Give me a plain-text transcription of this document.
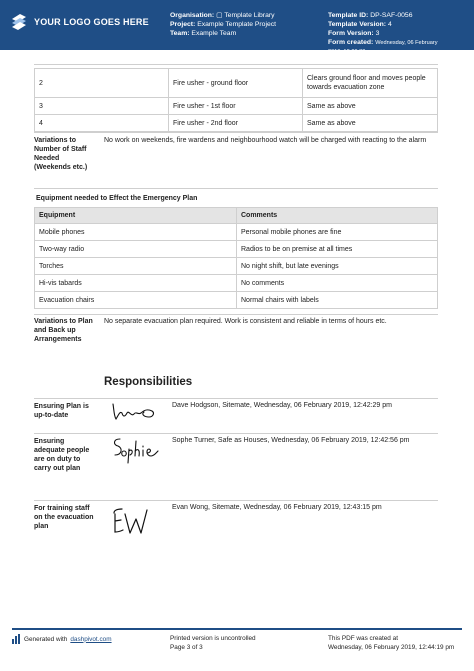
YOUR LOGO GOES HERE
Organisation: ▢ Template Library
Project: Example Template Project
Team: Example Team
Template ID: DP-SAF-0056
Template Version: 4
Form Version: 3
Form created: Wednesday, 06 February
2019, 12:09:30 pm
2	Fire usher - ground floor	Clears ground floor and moves people towards evacuation zone
3	Fire usher - 1st floor	Same as above
4	Fire usher - 2nd floor	Same as above
Variations to Number of Staff Needed (Weekends etc.)
No work on weekends, fire wardens and neighbourhood watch will be charged with reacting to the alarm
Equipment needed to Effect the Emergency Plan
Equipment	Comments
Mobile phones	Personal mobile phones are fine
Two-way radio	Radios to be on premise at all times
Torches	No night shift, but late evenings
Hi-vis tabards	No comments
Evacuation chairs	Normal chairs with labels
Variations to Plan and Back up Arrangements
No separate evacuation plan required. Work is consistent and reliable in terms of hours etc.
Responsibilities
Ensuring Plan is up-to-date
Dave Hodgson, Sitemate, Wednesday, 06 February 2019, 12:42:29 pm
Ensuring adequate people are on duty to carry out plan
Sophe Turner, Safe as Houses, Wednesday, 06 February 2019, 12:42:56 pm
For training staff on the evacuation plan
Evan Wong, Sitemate, Wednesday, 06 February 2019, 12:43:15 pm
Generated with dashpivot.com	Printed version is uncontrolled
Page 3 of 3
This PDF was created at
Wednesday, 06 February 2019, 12:44:19 pm
